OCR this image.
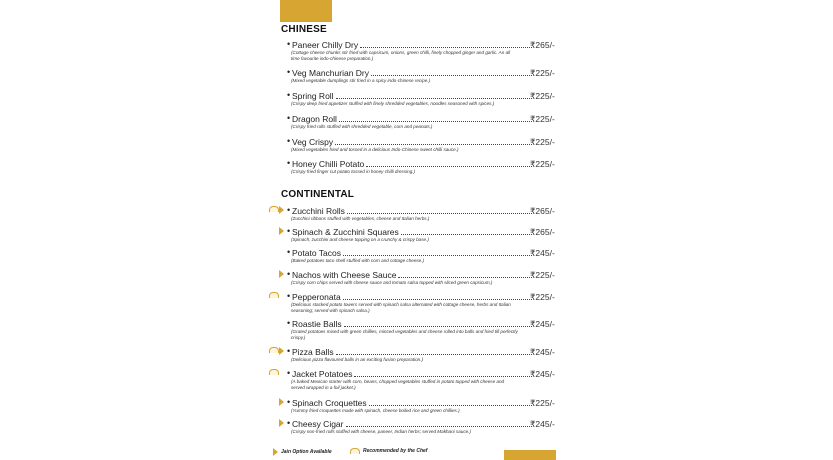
CHINESE
CONTINENTAL
• Paneer Chilly Dry	₹265/-
(Cottage cheese chunks stir fried with capsicum, onions, green chilli, finely chopped ginger and garlic. An all time favourite indo-chinese preparation.)
• Veg Manchurian Dry	₹225/-
(Mixed vegetable dumplings stir fried in a spicy indo-chinese recipe.)
• Spring Roll	₹225/-
(Crispy deep fried appetizer stuffed with finely shredded vegetables, noodles seasoned with spices.)
• Dragon Roll	₹225/-
(Crispy fried rolls stuffed with shredded vegetable, corn and peanuts.)
• Veg Crispy	₹225/-
(Mixed vegetables fried and tossed in a delicious Indo-Chinese sweet chilli sauce.)
• Honey Chilli Potato	₹225/-
(Crispy fried finger cut potato tossed in honey chilli dressing.)
• Zucchini Rolls	₹265/-
(Zucchini ribbons stuffed with vegetables, cheese and Italian herbs.)
• Spinach & Zucchini Squares	₹265/-
(Spinach, zucchini and cheese topping on a crunchy & crispy base.)
• Potato Tacos	₹245/-
(Baked potatoes taco shell stuffed with corn and cottage cheese.)
• Nachos with Cheese Sauce	₹225/-
(Crispy corn chips served with cheese sauce and tomato salsa topped with sliced green capsicum.)
• Pepperonata	₹225/-
(Delicious stacked potato towers served with spinach salsa alternated with cottage cheese, herbs and Italian seasoning; served with spinach salsa.)
• Roastie Balls	₹245/-
(Grated potatoes mixed with green chillies, minced vegetables and cheese rolled into balls and fried till perfectly crispy.)
• Pizza Balls	₹245/-
(Delicious pizza flavoured balls in an exciting fusion preparation.)
• Jacket Potatoes	₹245/-
(A baked Mexican starter with corn, beans, chopped vegetables stuffed in potato topped with cheese and served wrapped in a foil jacket.)
• Spinach Croquettes	₹225/-
(Yummy fried croquettes made with spinach, cheese boiled rice and green chillies.)
• Cheesy Cigar	₹245/-
(Crispy non-fried rolls stuffed with cheese, paneer, Indian herbs; served Makhani sauce.)
Jain Option Available	Recommended by the Chef
